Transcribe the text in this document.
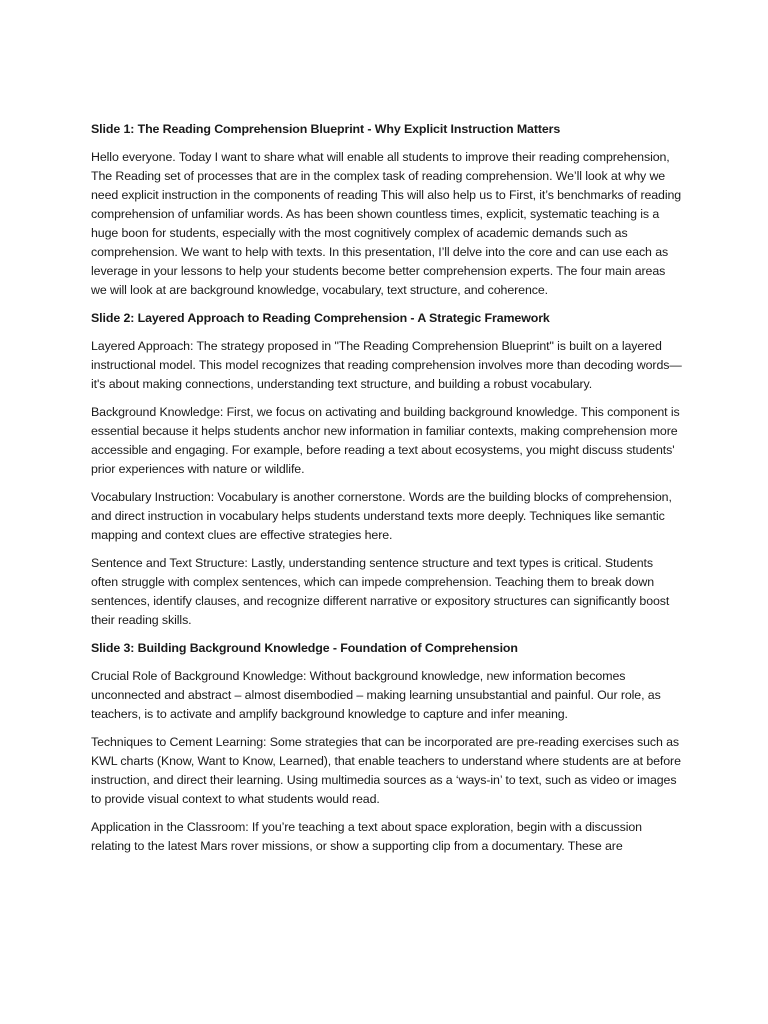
Slide 1: The Reading Comprehension Blueprint - Why Explicit Instruction Matters

Hello everyone. Today I want to share what will enable all students to improve their reading comprehension, The Reading set of processes that are in the complex task of reading comprehension. We’ll look at why we need explicit instruction in the components of reading This will also help us to First, it’s benchmarks of reading comprehension of unfamiliar words. As has been shown countless times, explicit, systematic teaching is a huge boon for students, especially with the most cognitively complex of academic demands such as comprehension. We want to help with texts. In this presentation, I’ll delve into the core and can use each as leverage in your lessons to help your students become better comprehension experts. The four main areas we will look at are background knowledge, vocabulary, text structure, and coherence.

Slide 2: Layered Approach to Reading Comprehension - A Strategic Framework

Layered Approach: The strategy proposed in "The Reading Comprehension Blueprint" is built on a layered instructional model. This model recognizes that reading comprehension involves more than decoding words—it's about making connections, understanding text structure, and building a robust vocabulary.

Background Knowledge: First, we focus on activating and building background knowledge. This component is essential because it helps students anchor new information in familiar contexts, making comprehension more accessible and engaging. For example, before reading a text about ecosystems, you might discuss students' prior experiences with nature or wildlife.

Vocabulary Instruction: Vocabulary is another cornerstone. Words are the building blocks of comprehension, and direct instruction in vocabulary helps students understand texts more deeply. Techniques like semantic mapping and context clues are effective strategies here.

Sentence and Text Structure: Lastly, understanding sentence structure and text types is critical. Students often struggle with complex sentences, which can impede comprehension. Teaching them to break down sentences, identify clauses, and recognize different narrative or expository structures can significantly boost their reading skills.

Slide 3: Building Background Knowledge - Foundation of Comprehension

Crucial Role of Background Knowledge: Without background knowledge, new information becomes unconnected and abstract – almost disembodied – making learning unsubstantial and painful. Our role, as teachers, is to activate and amplify background knowledge to capture and infer meaning.

Techniques to Cement Learning: Some strategies that can be incorporated are pre-reading exercises such as KWL charts (Know, Want to Know, Learned), that enable teachers to understand where students are at before instruction, and direct their learning. Using multimedia sources as a ‘ways-in’ to text, such as video or images to provide visual context to what students would read.

Application in the Classroom: If you’re teaching a text about space exploration, begin with a discussion relating to the latest Mars rover missions, or show a supporting clip from a documentary. These are
